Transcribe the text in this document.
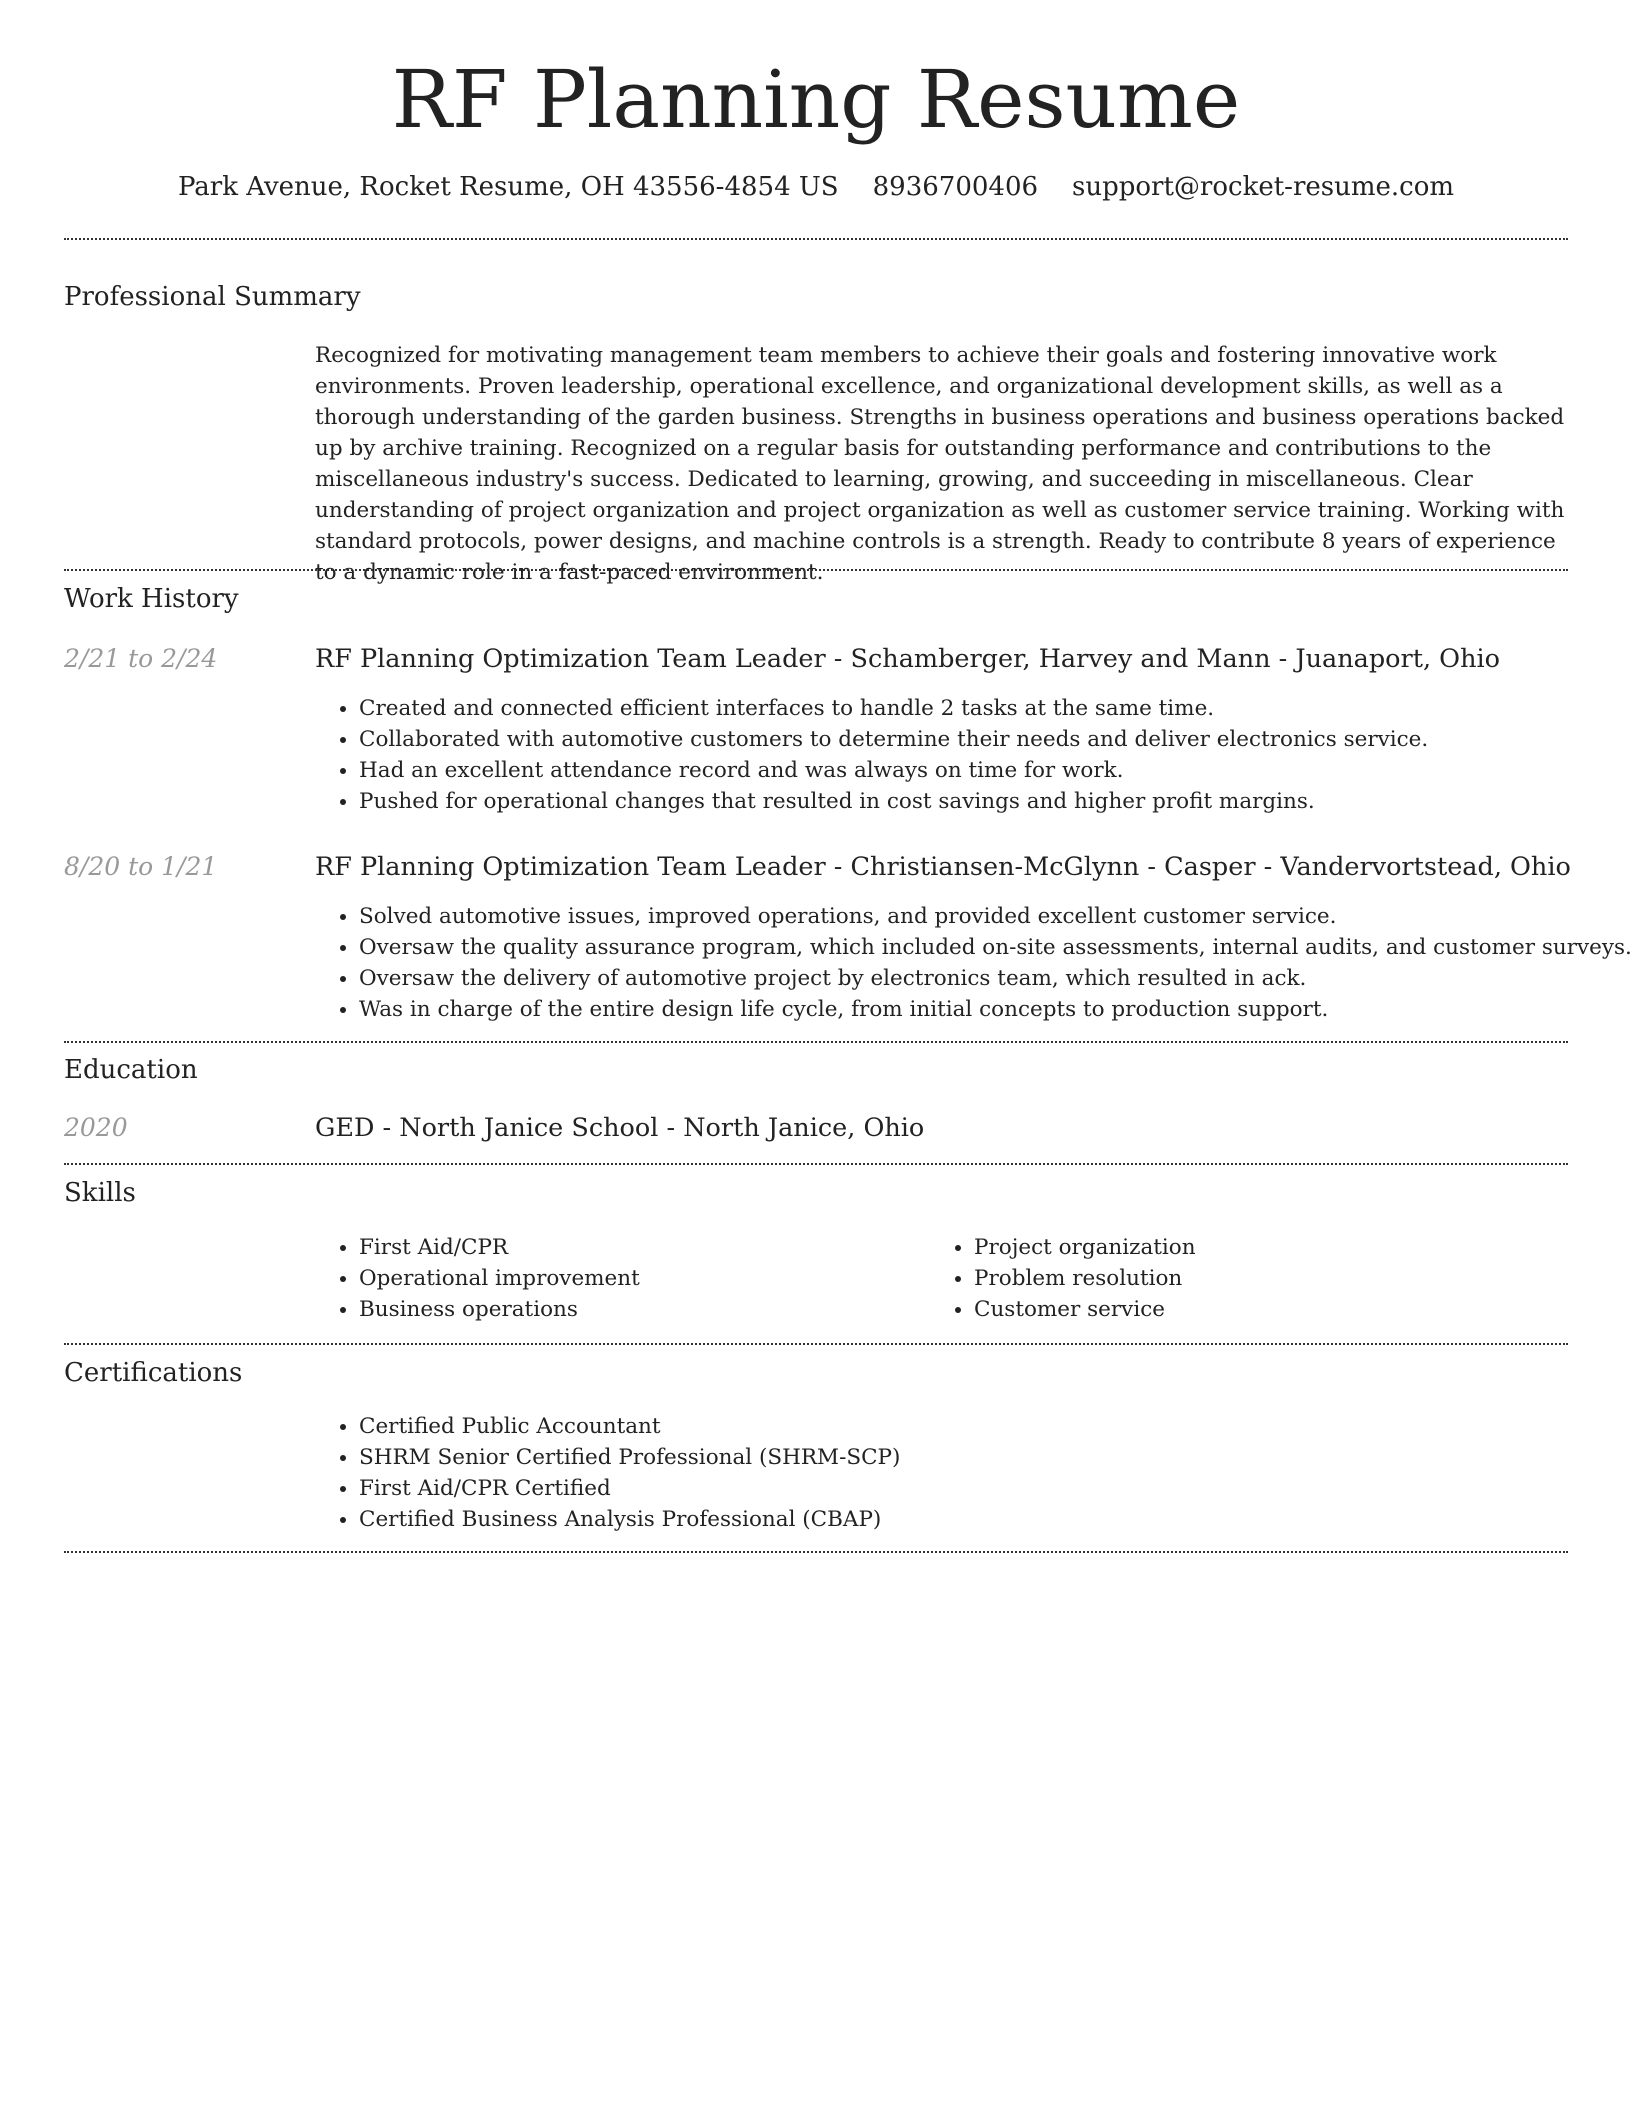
RF Planning Resume
Park Avenue, Rocket Resume, OH 43556-4854 US 8936700406 support@rocket-resume.com
Professional Summary

Recognized for motivating management team members to achieve their goals and fostering innovative work environments. Proven leadership, operational excellence, and organizational development skills, as well as a thorough understanding of the garden business. Strengths in business operations and business operations backed up by archive training. Recognized on a regular basis for outstanding performance and contributions to the miscellaneous industry's success. Dedicated to learning, growing, and succeeding in miscellaneous. Clear understanding of project organization and project organization as well as customer service training. Working with standard protocols, power designs, and machine controls is a strength. Ready to contribute 8 years of experience to a dynamic role in a fast-paced environment.

Work History
2/21 to 2/24	RF Planning Optimization Team Leader - Schamberger, Harvey and Mann - Juanaport, Ohio
• Created and connected efficient interfaces to handle 2 tasks at the same time.
• Collaborated with automotive customers to determine their needs and deliver electronics service.
• Had an excellent attendance record and was always on time for work.
• Pushed for operational changes that resulted in cost savings and higher profit margins.
8/20 to 1/21	RF Planning Optimization Team Leader - Christiansen-McGlynn - Casper - Vandervortstead, Ohio
• Solved automotive issues, improved operations, and provided excellent customer service.
• Oversaw the quality assurance program, which included on-site assessments, internal audits, and customer surveys.
• Oversaw the delivery of automotive project by electronics team, which resulted in ack.
• Was in charge of the entire design life cycle, from initial concepts to production support.
Education
2020	GED - North Janice School - North Janice, Ohio
Skills
• First Aid/CPR
• Operational improvement
• Business operations
• Project organization
• Problem resolution
• Customer service
Certifications
• Certified Public Accountant
• SHRM Senior Certified Professional (SHRM-SCP)
• First Aid/CPR Certified
• Certified Business Analysis Professional (CBAP)
